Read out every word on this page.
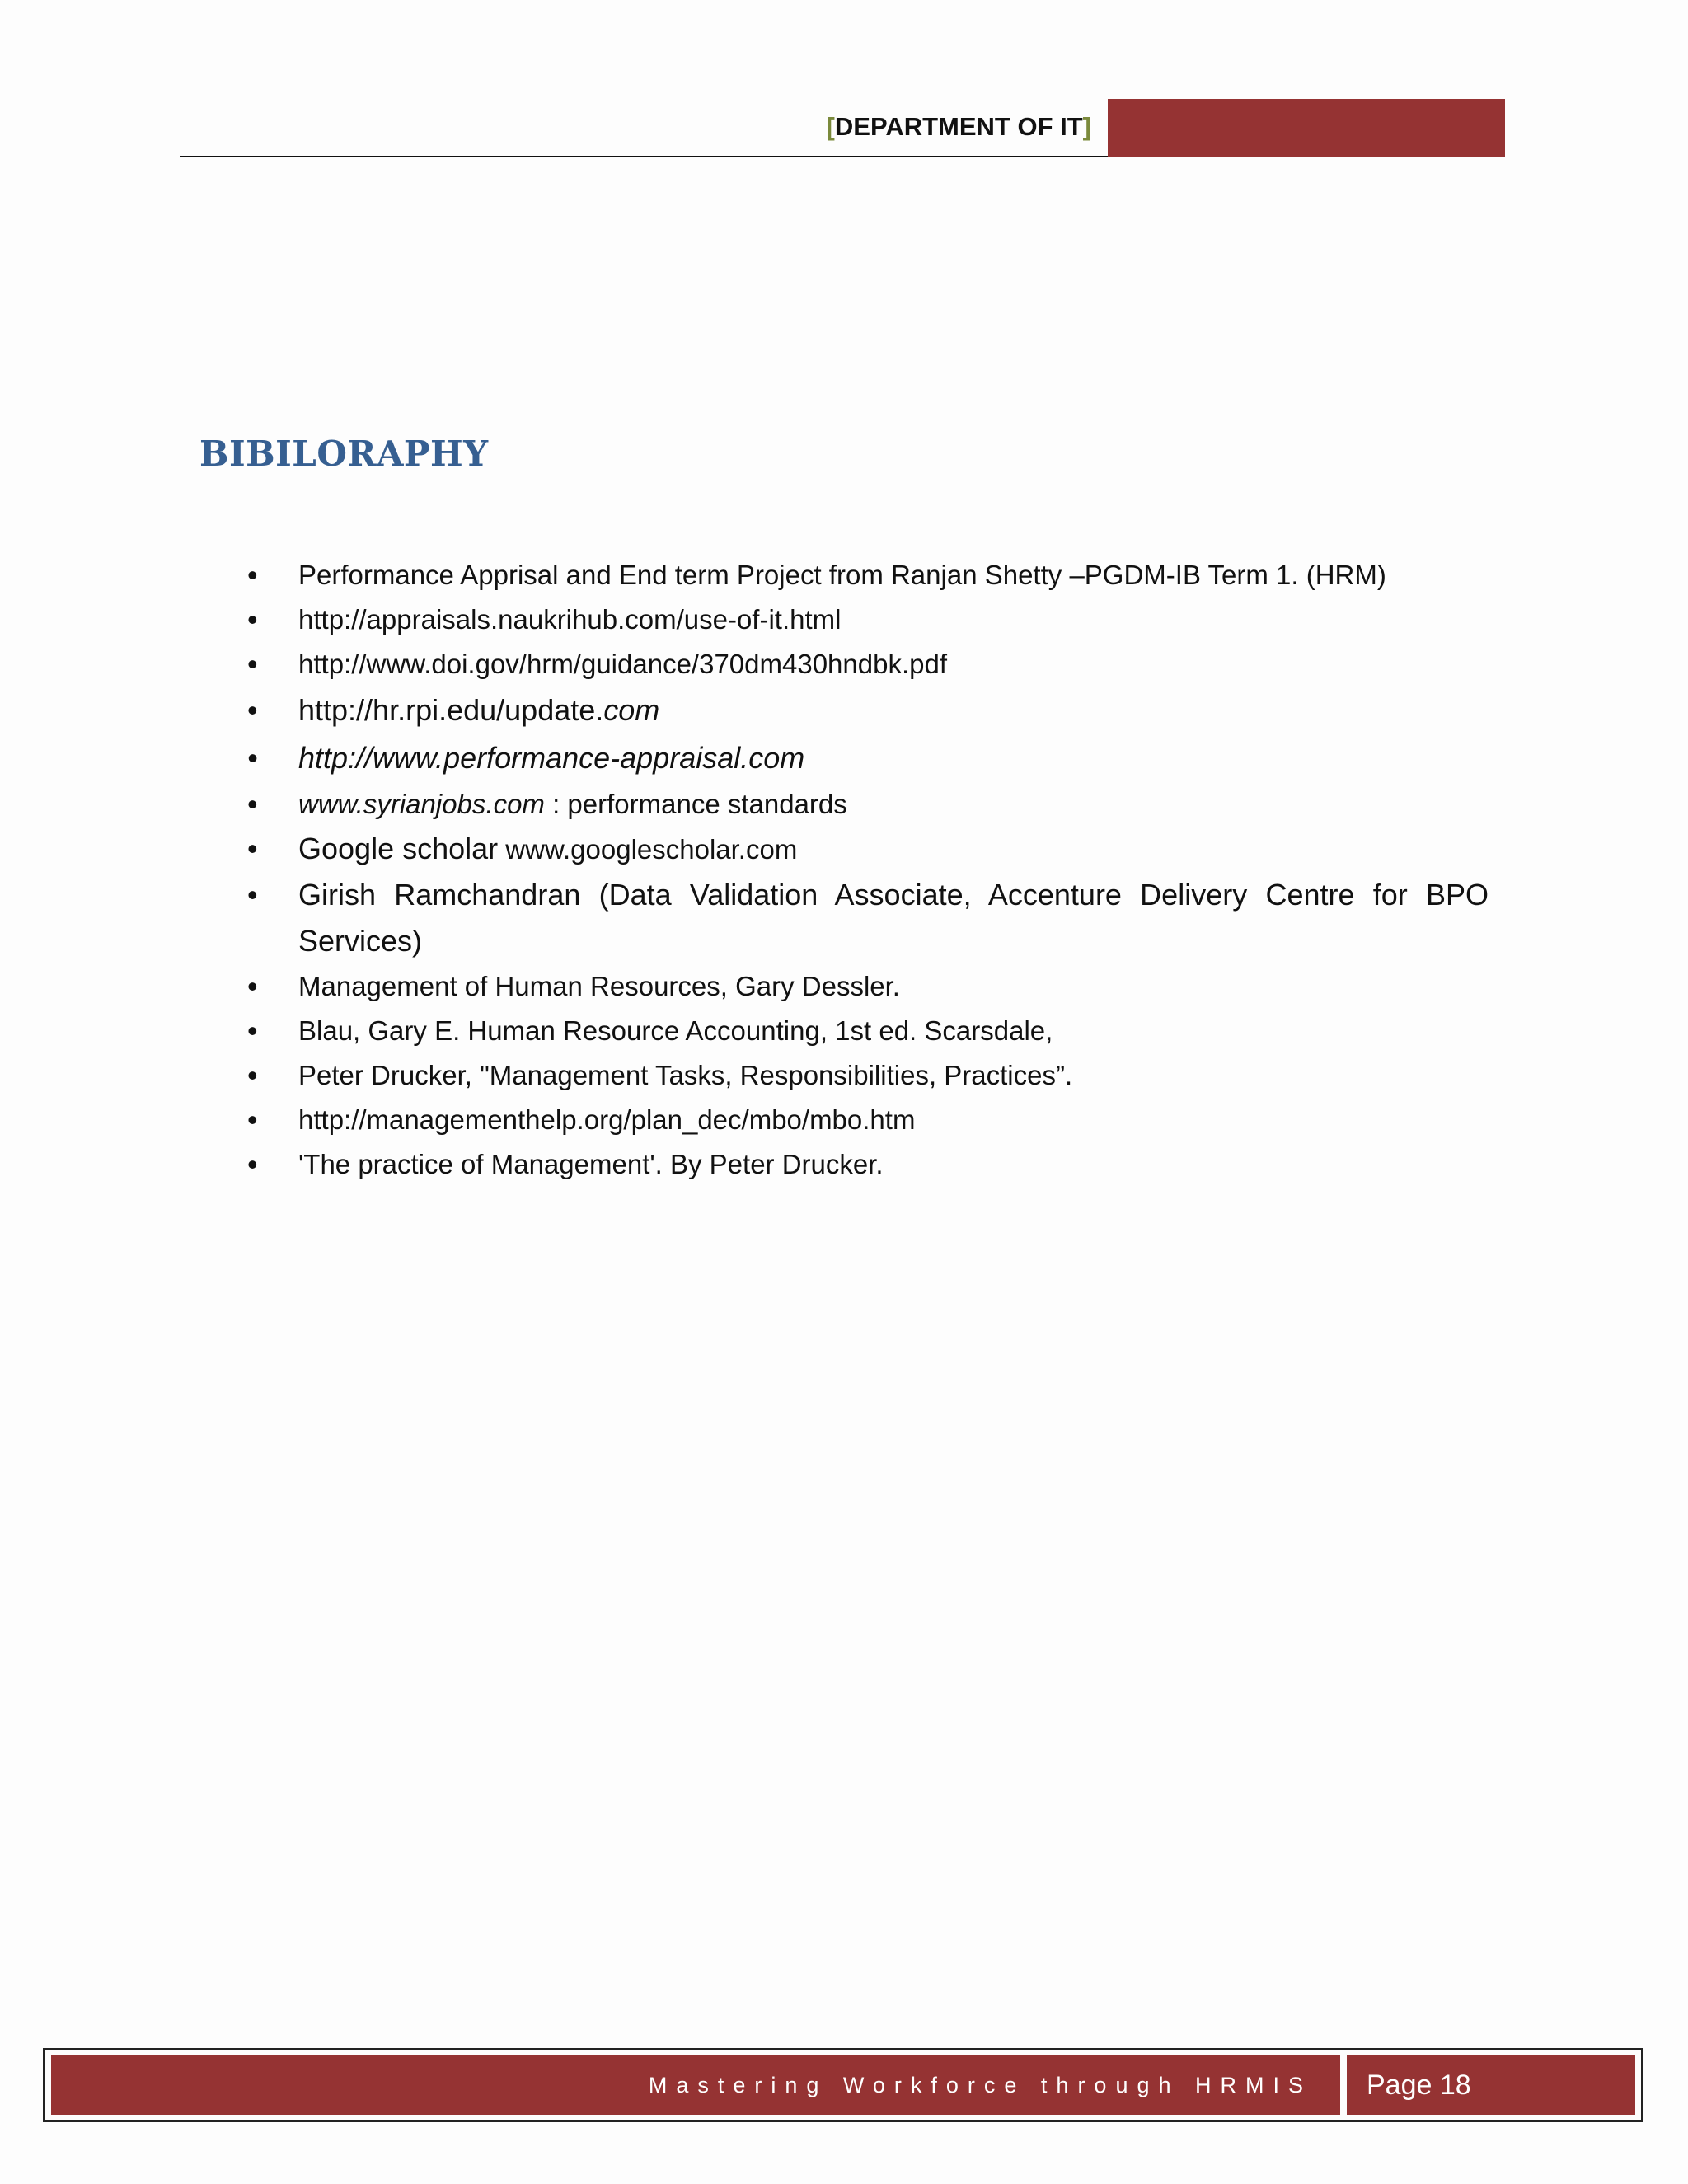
[DEPARTMENT OF IT]
BIBILORAPHY
• Performance Apprisal and End term Project from Ranjan Shetty –PGDM-IB Term 1. (HRM)
• http://appraisals.naukrihub.com/use-of-it.html
• http://www.doi.gov/hrm/guidance/370dm430hndbk.pdf
• http://hr.rpi.edu/update.com
• http://www.performance-appraisal.com
• www.syrianjobs.com : performance standards
• Google scholar www.googlescholar.com
• Girish Ramchandran (Data Validation Associate, Accenture Delivery Centre for BPO Services)
• Management of Human Resources, Gary Dessler.
• Blau, Gary E. Human Resource Accounting, 1st ed. Scarsdale,
• Peter Drucker, "Management Tasks, Responsibilities, Practices”.
• http://managementhelp.org/plan_dec/mbo/mbo.htm
• 'The practice of Management'. By Peter Drucker.
Mastering Workforce through HRMIS	Page 18
